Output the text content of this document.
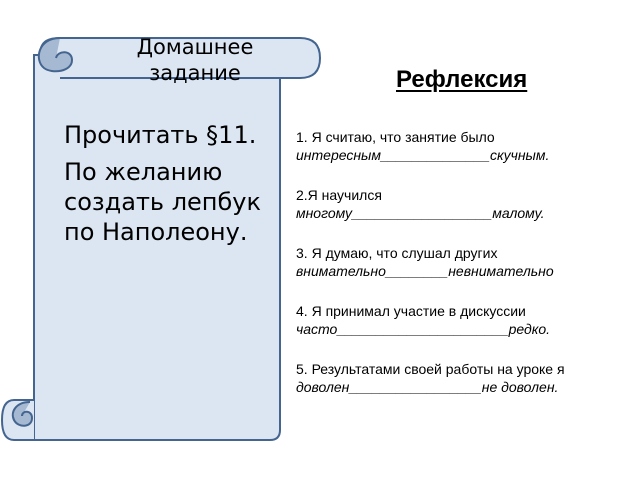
Домашнее
задание

Прочитать §11.

По желанию создать лепбук по Наполеону.

Рефлексия
1. Я считаю, что занятие было
интересным______________скучным.
2.Я научился
многому__________________малому.
3. Я думаю, что слушал других
внимательно________невнимательно
4. Я принимал участие в дискуссии
часто______________________редко.
5. Результатами своей работы на уроке я
доволен_________________не доволен.
